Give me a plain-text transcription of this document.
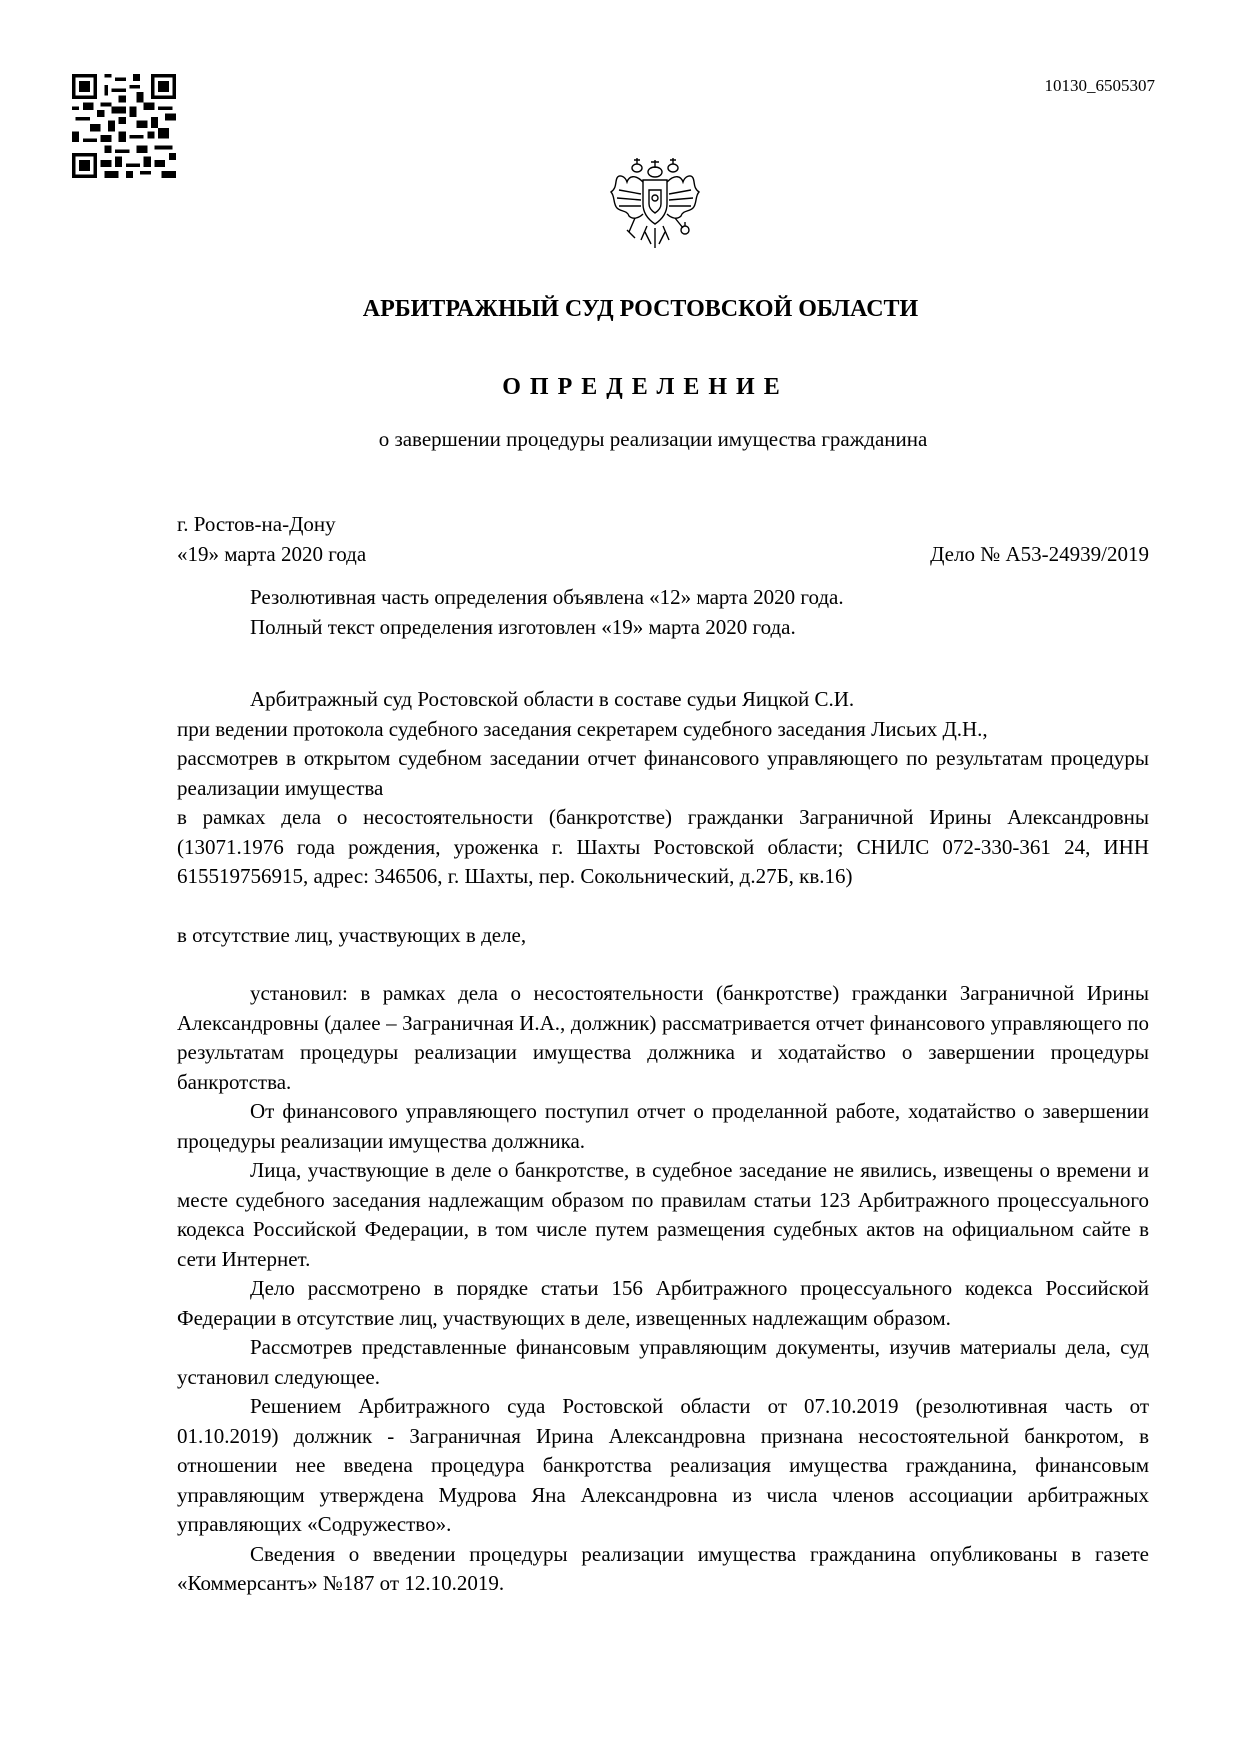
10130_6505307
АРБИТРАЖНЫЙ СУД РОСТОВСКОЙ ОБЛАСТИ
ОПРЕДЕЛЕНИЕ
о завершении процедуры реализации имущества гражданина

г. Ростов-на-Дону

«19» марта 2020 года	Дело № А53-24939/2019

Резолютивная часть определения объявлена «12» марта 2020 года.

Полный текст определения изготовлен «19» марта 2020 года.

Арбитражный суд Ростовской области в составе судьи Яицкой С.И.

при ведении протокола судебного заседания секретарем судебного заседания Лисьих Д.Н.,

рассмотрев в открытом судебном заседании отчет финансового управляющего по результатам процедуры реализации имущества

в рамках дела о несостоятельности (банкротстве) гражданки Заграничной Ирины Александровны (13071.1976 года рождения, уроженка г. Шахты Ростовской области; СНИЛС 072-330-361 24, ИНН 615519756915, адрес: 346506, г. Шахты, пер. Сокольнический, д.27Б, кв.16)

в отсутствие лиц, участвующих в деле,

установил: в рамках дела о несостоятельности (банкротстве) гражданки Заграничной Ирины Александровны (далее – Заграничная И.А., должник) рассматривается отчет финансового управляющего по результатам процедуры реализации имущества должника и ходатайство о завершении процедуры банкротства.

От финансового управляющего поступил отчет о проделанной работе, ходатайство о завершении процедуры реализации имущества должника.

Лица, участвующие в деле о банкротстве, в судебное заседание не явились, извещены о времени и месте судебного заседания надлежащим образом по правилам статьи 123 Арбитражного процессуального кодекса Российской Федерации, в том числе путем размещения судебных актов на официальном сайте в сети Интернет.

Дело рассмотрено в порядке статьи 156 Арбитражного процессуального кодекса Российской Федерации в отсутствие лиц, участвующих в деле, извещенных надлежащим образом.

Рассмотрев представленные финансовым управляющим документы, изучив материалы дела, суд установил следующее.

Решением Арбитражного суда Ростовской области от 07.10.2019 (резолютивная часть от 01.10.2019) должник - Заграничная Ирина Александровна признана несостоятельной банкротом, в отношении нее введена процедура банкротства реализация имущества гражданина, финансовым управляющим утверждена Мудрова Яна Александровна из числа членов ассоциации арбитражных управляющих «Содружество».

Сведения о введении процедуры реализации имущества гражданина опубликованы в газете «Коммерсантъ» №187 от 12.10.2019.
